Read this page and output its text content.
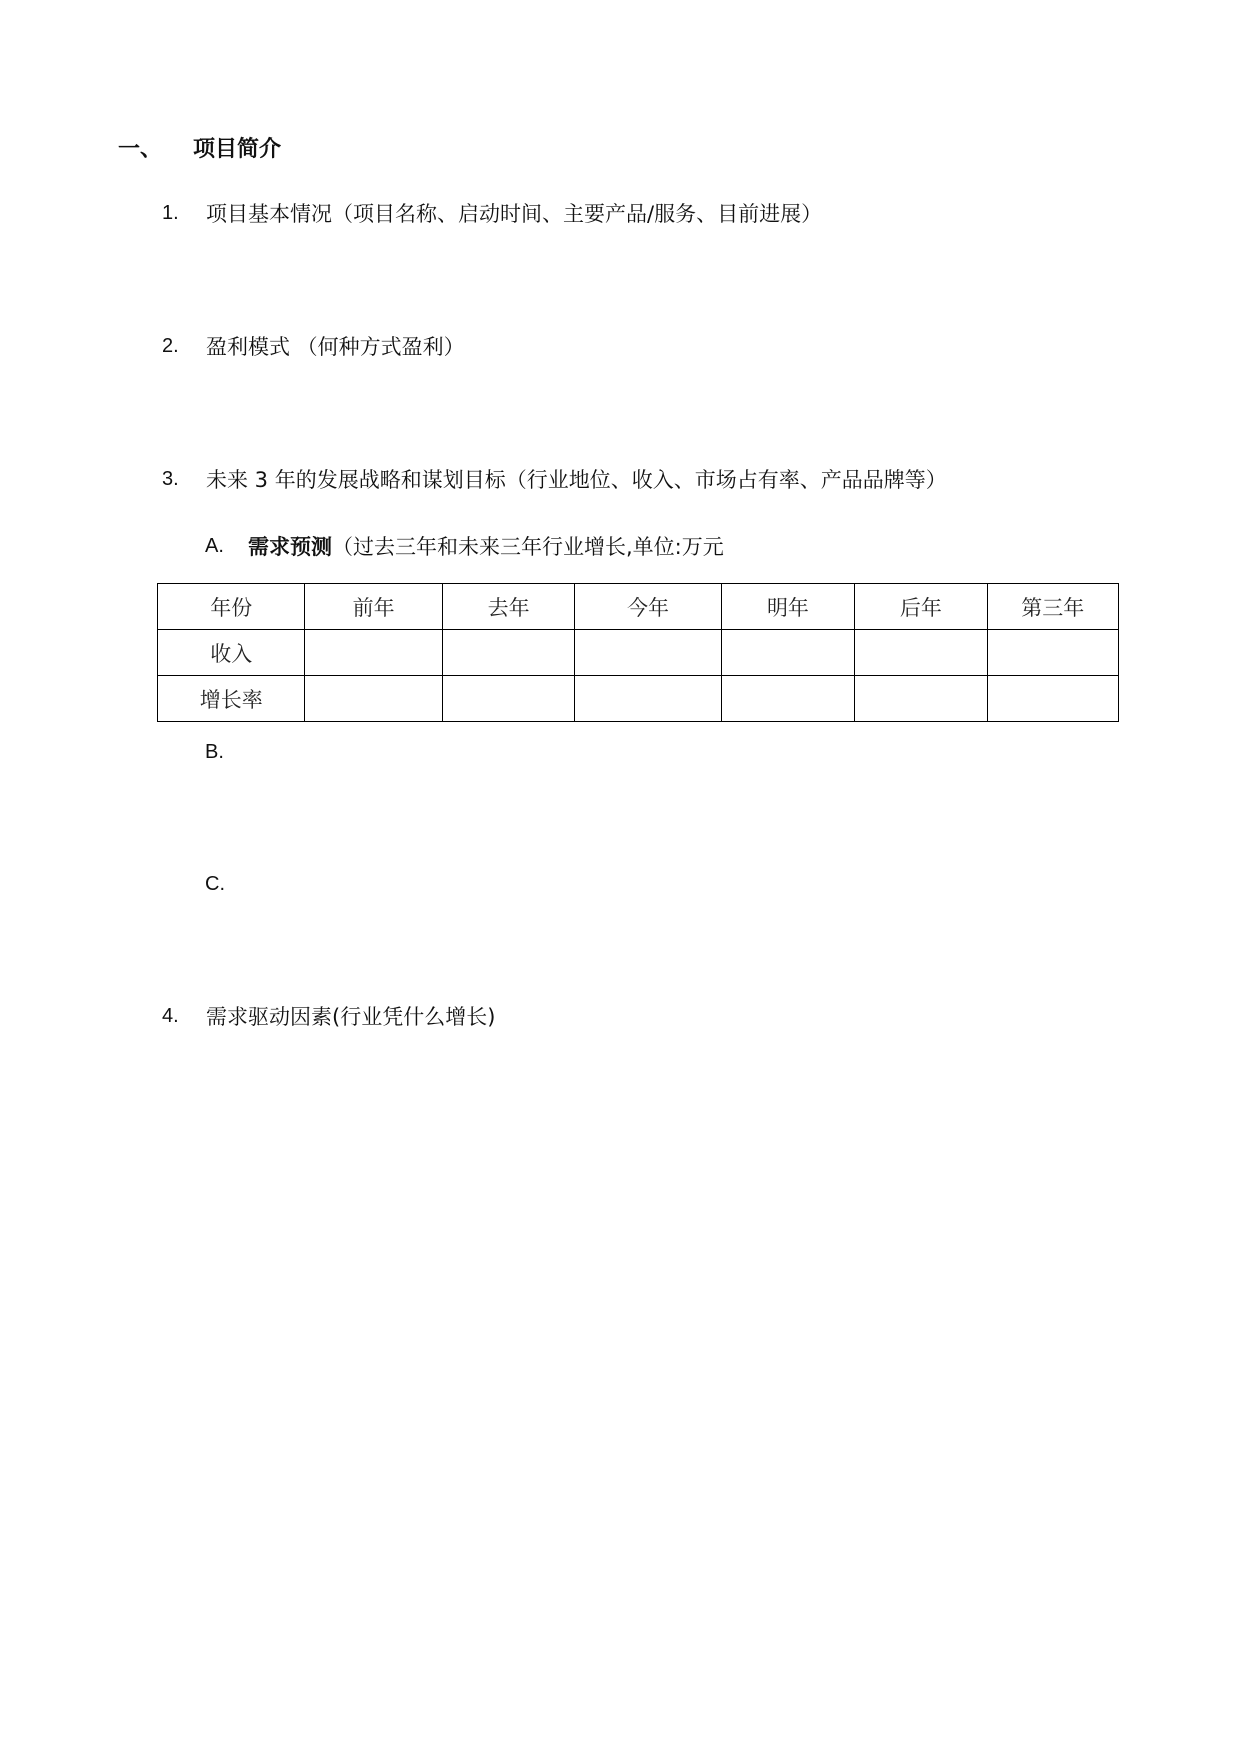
一、 项目简介
1. 项目基本情况（项目名称、启动时间、主要产品/服务、目前进展）
2. 盈利模式 （何种方式盈利）
3. 未来 3 年的发展战略和谋划目标（行业地位、收入、市场占有率、产品品牌等）
A. 需求预测（过去三年和未来三年行业增长,单位:万元
年份	前年	去年	今年	明年	后年	第三年
收入						
增长率						
B.
C.
4. 需求驱动因素(行业凭什么增长)
